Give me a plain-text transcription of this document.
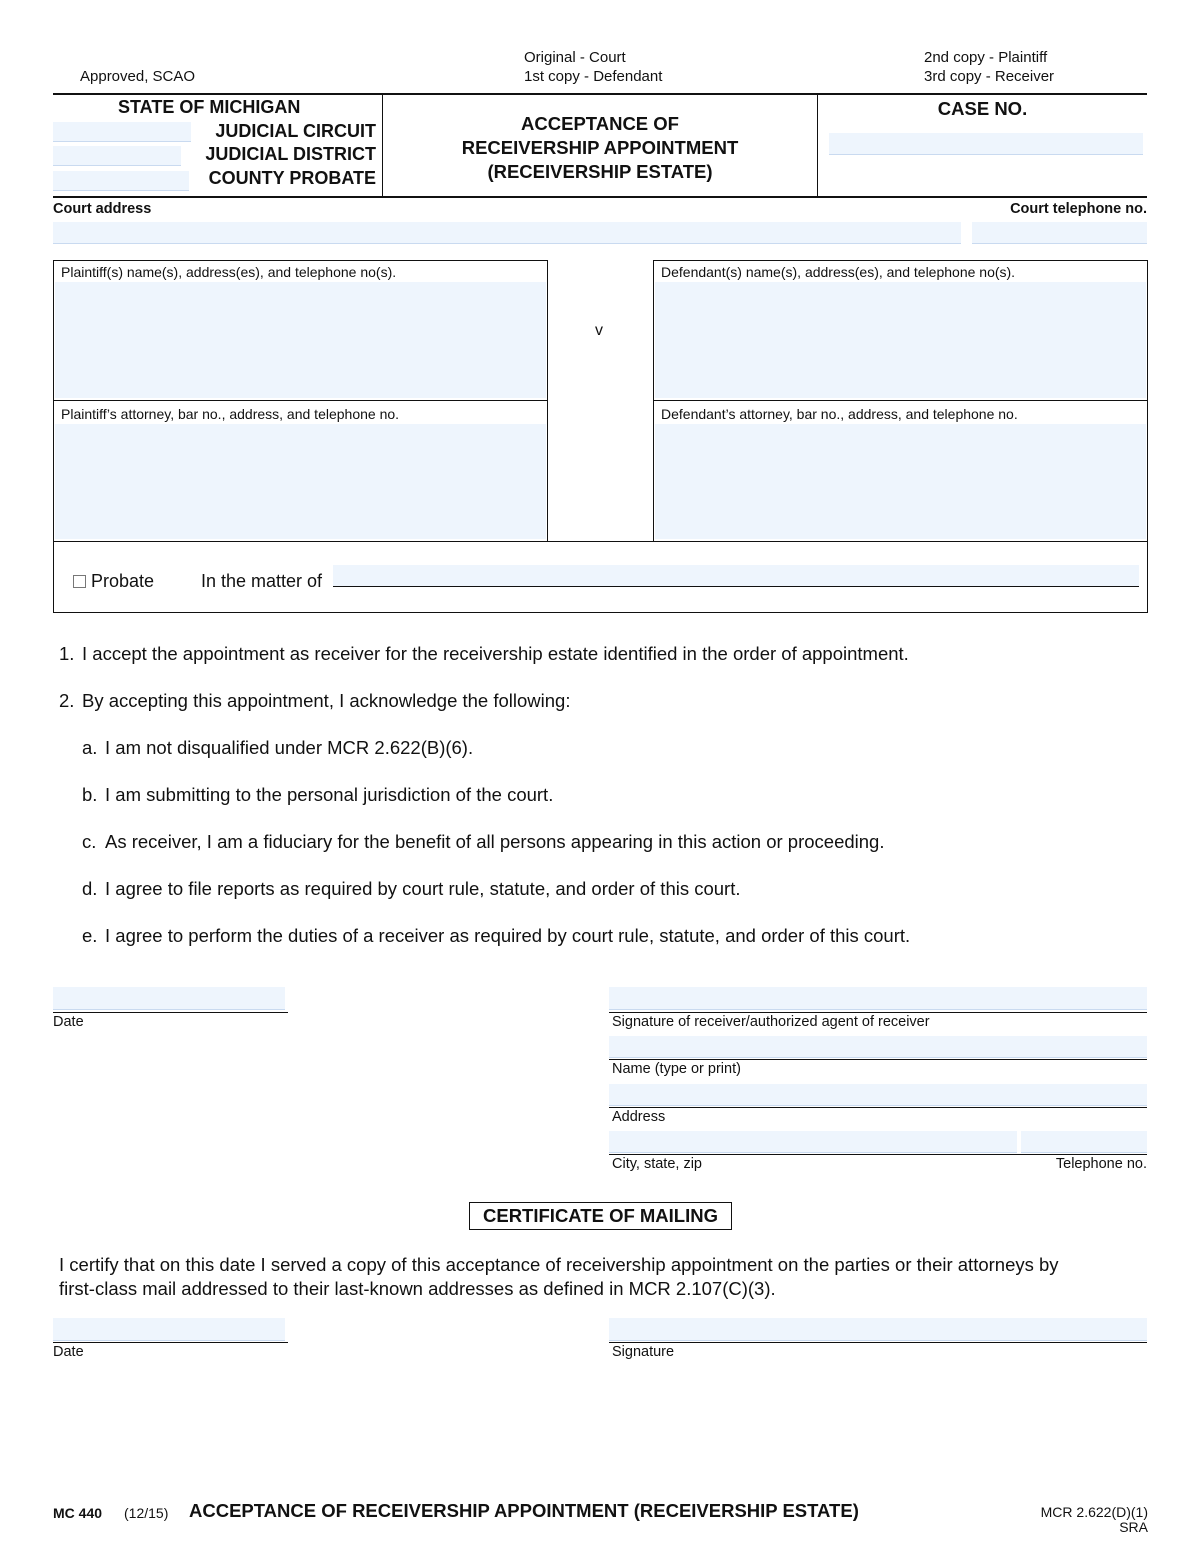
Approved, SCAO
Original - Court
1st copy - Defendant
2nd copy - Plaintiff
3rd copy - Receiver
STATE OF MICHIGAN
JUDICIAL CIRCUIT
JUDICIAL DISTRICT
COUNTY PROBATE
ACCEPTANCE OF
RECEIVERSHIP APPOINTMENT
(RECEIVERSHIP ESTATE)
CASE NO.
Court address	Court telephone no.
Plaintiff(s) name(s), address(es), and telephone no(s).
Plaintiff’s attorney, bar no., address, and telephone no.
v
Defendant(s) name(s), address(es), and telephone no(s).
Defendant’s attorney, bar no., address, and telephone no.
Probate	In the matter of
1. I accept the appointment as receiver for the receivership estate identified in the order of appointment.
2. By accepting this appointment, I acknowledge the following:
a. I am not disqualified under MCR 2.622(B)(6).
b. I am submitting to the personal jurisdiction of the court.
c. As receiver, I am a fiduciary for the benefit of all persons appearing in this action or proceeding.
d. I agree to file reports as required by court rule, statute, and order of this court.
e. I agree to perform the duties of a receiver as required by court rule, statute, and order of this court.
Date	Signature of receiver/authorized agent of receiver
Name (type or print)
Address
City, state, zip	Telephone no.
CERTIFICATE OF MAILING
I certify that on this date I served a copy of this acceptance of receivership appointment on the parties or their attorneys by
first-class mail addressed to their last-known addresses as defined in MCR 2.107(C)(3).
Date	Signature
MC 440 (12/15) ACCEPTANCE OF RECEIVERSHIP APPOINTMENT (RECEIVERSHIP ESTATE)	MCR 2.622(D)(1)
SRA
